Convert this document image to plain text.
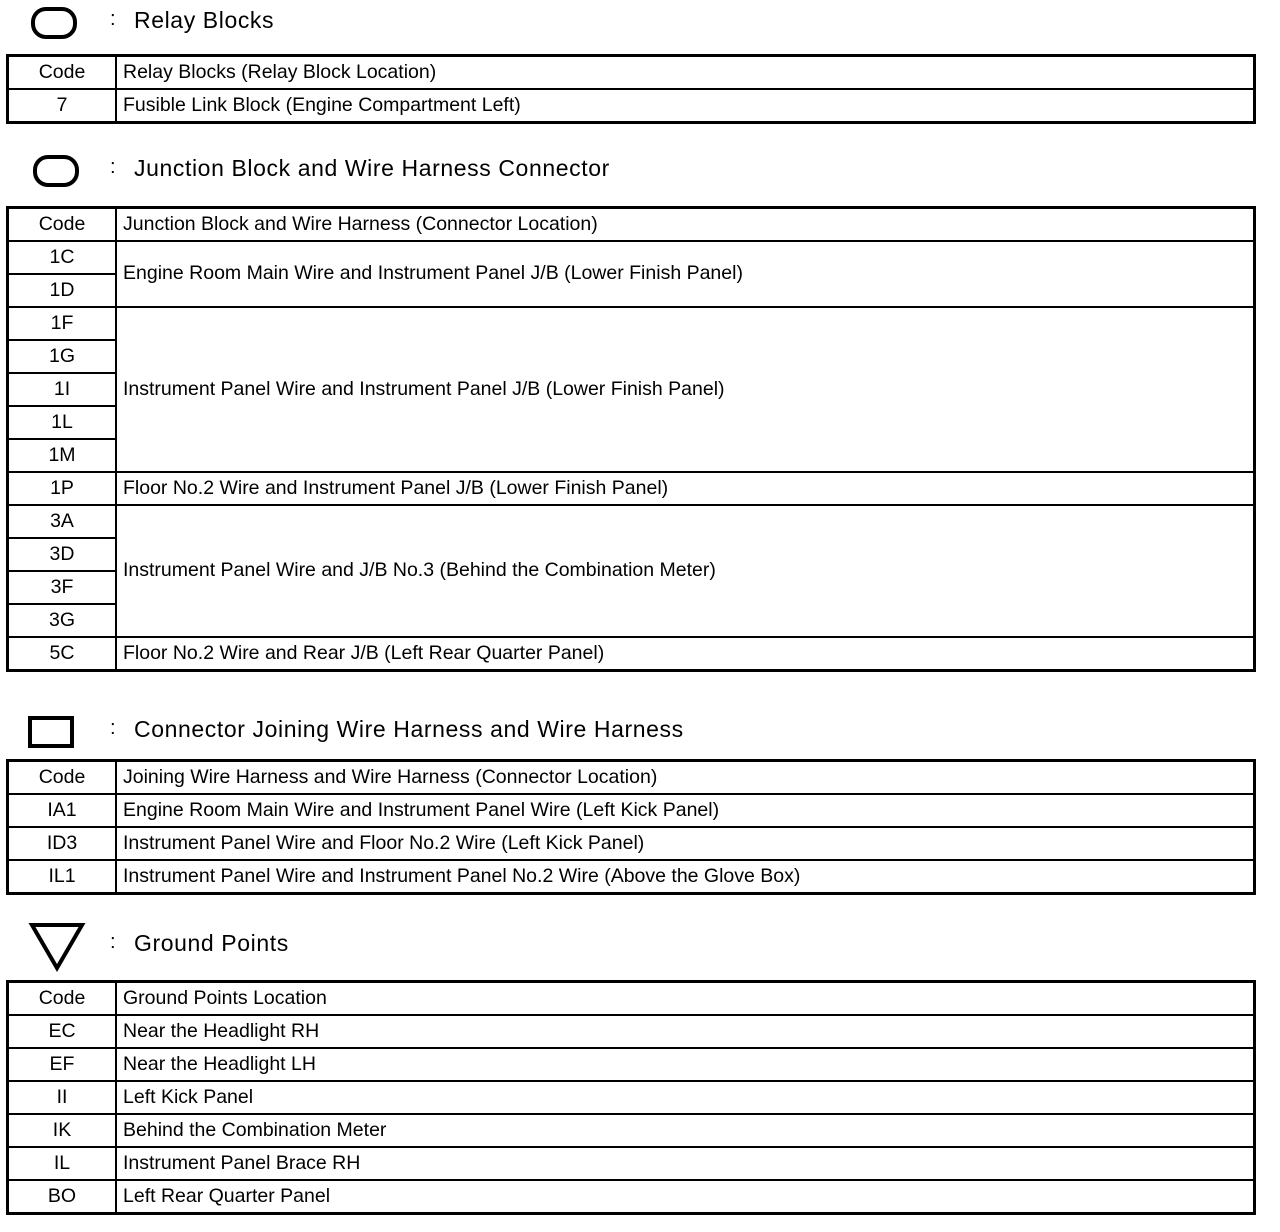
: Relay Blocks
Code	Relay Blocks (Relay Block Location)
7	Fusible Link Block (Engine Compartment Left)
: Junction Block and Wire Harness Connector
Code	Junction Block and Wire Harness (Connector Location)
1C	Engine Room Main Wire and Instrument Panel J/B (Lower Finish Panel)
1D	
1F	Instrument Panel Wire and Instrument Panel J/B (Lower Finish Panel)
1G	
1I	
1L	
1M	
1P	Floor No.2 Wire and Instrument Panel J/B (Lower Finish Panel)
3A	Instrument Panel Wire and J/B No.3 (Behind the Combination Meter)
3D	
3F	
3G	
5C	Floor No.2 Wire and Rear J/B (Left Rear Quarter Panel)
: Connector Joining Wire Harness and Wire Harness
Code	Joining Wire Harness and Wire Harness (Connector Location)
IA1	Engine Room Main Wire and Instrument Panel Wire (Left Kick Panel)
ID3	Instrument Panel Wire and Floor No.2 Wire (Left Kick Panel)
IL1	Instrument Panel Wire and Instrument Panel No.2 Wire (Above the Glove Box)
: Ground Points
Code	Ground Points Location
EC	Near the Headlight RH
EF	Near the Headlight LH
II	Left Kick Panel
IK	Behind the Combination Meter
IL	Instrument Panel Brace RH
BO	Left Rear Quarter Panel
